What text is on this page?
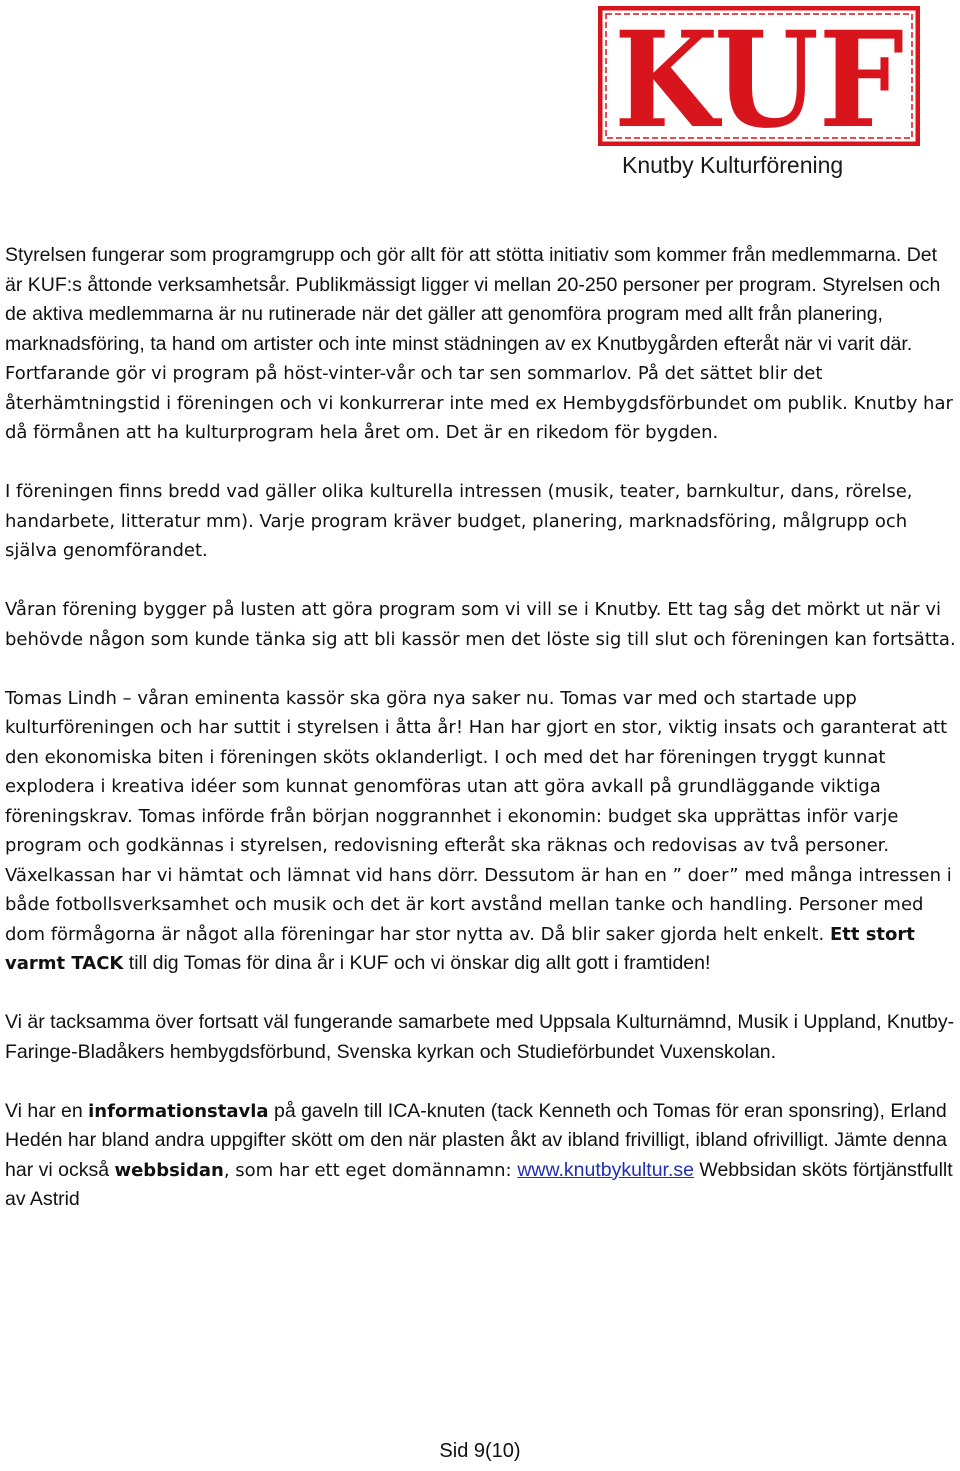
KUF
Knutby Kulturförening

Styrelsen fungerar som programgrupp och gör allt för att stötta initiativ som kommer från medlemmarna. Det är KUF:s åttonde verksamhetsår. Publikmässigt ligger vi mellan 20-250 personer per program. Styrelsen och de aktiva medlemmarna är nu rutinerade när det gäller att genomföra program med allt från planering, marknadsföring, ta hand om artister och inte minst städningen av ex Knutbygården efteråt när vi varit där. Fortfarande gör vi program på höst-vinter-vår och tar sen sommarlov. På det sättet blir det återhämtningstid i föreningen och vi konkurrerar inte med ex Hembygdsförbundet om publik. Knutby har då förmånen att ha kulturprogram hela året om. Det är en rikedom för bygden.

I föreningen finns bredd vad gäller olika kulturella intressen (musik, teater, barnkultur, dans, rörelse, handarbete, litteratur mm). Varje program kräver budget, planering, marknadsföring, målgrupp och själva genomförandet.

Våran förening bygger på lusten att göra program som vi vill se i Knutby. Ett tag såg det mörkt ut när vi behövde någon som kunde tänka sig att bli kassör men det löste sig till slut och föreningen kan fortsätta.

Tomas Lindh – våran eminenta kassör ska göra nya saker nu. Tomas var med och startade upp kulturföreningen och har suttit i styrelsen i åtta år! Han har gjort en stor, viktig insats och garanterat att den ekonomiska biten i föreningen sköts oklanderligt. I och med det har föreningen tryggt kunnat explodera i kreativa idéer som kunnat genomföras utan att göra avkall på grundläggande viktiga föreningskrav. Tomas införde från början noggrannhet i ekonomin: budget ska upprättas inför varje program och godkännas i styrelsen, redovisning efteråt ska räknas och redovisas av två personer. Växelkassan har vi hämtat och lämnat vid hans dörr. Dessutom är han en ” doer” med många intressen i både fotbollsverksamhet och musik och det är kort avstånd mellan tanke och handling. Personer med dom förmågorna är något alla föreningar har stor nytta av. Då blir saker gjorda helt enkelt. Ett stort varmt TACK till dig Tomas för dina år i KUF och vi önskar dig allt gott i framtiden!

Vi är tacksamma över fortsatt väl fungerande samarbete med Uppsala Kulturnämnd, Musik i Uppland, Knutby-Faringe-Bladåkers hembygdsförbund, Svenska kyrkan och Studieförbundet Vuxenskolan.

Vi har en informationstavla på gaveln till ICA-knuten (tack Kenneth och Tomas för eran sponsring), Erland Hedén har bland andra uppgifter skött om den när plasten åkt av ibland frivilligt, ibland ofrivilligt. Jämte denna har vi också webbsidan, som har ett eget domännamn: www.knutbykultur.se Webbsidan sköts förtjänstfullt av Astrid

Sid 9(10)
